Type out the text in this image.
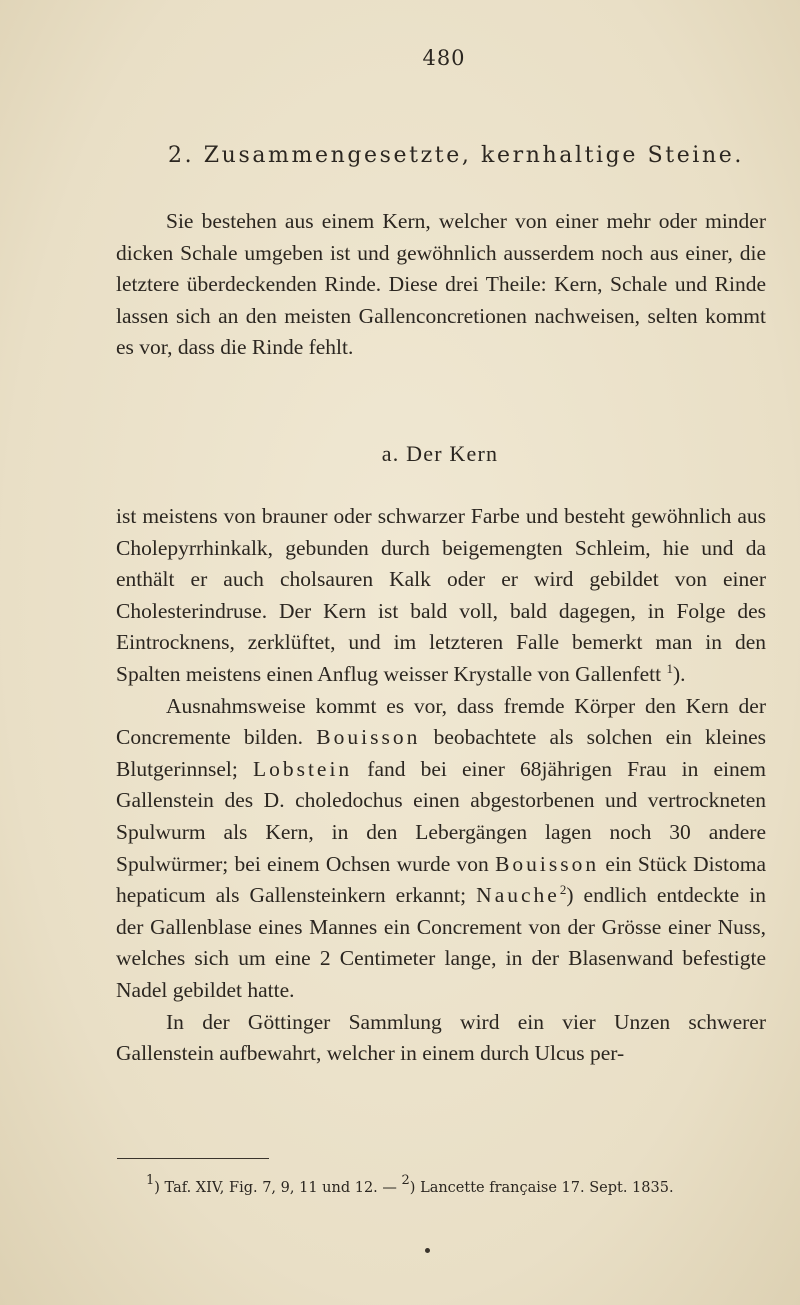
480
2. Zusammengesetzte, kernhaltige Steine.

Sie bestehen aus einem Kern, welcher von einer mehr oder minder dicken Schale umgeben ist und gewöhnlich ausserdem noch aus einer, die letztere überdeckenden Rinde. Diese drei Theile: Kern, Schale und Rinde lassen sich an den meisten Gallenconcretionen nachweisen, selten kommt es vor, dass die Rinde fehlt.

a. Der Kern

ist meistens von brauner oder schwarzer Farbe und besteht gewöhnlich aus Cholepyrrhinkalk, gebunden durch beigemengten Schleim, hie und da enthält er auch cholsauren Kalk oder er wird gebildet von einer Cholesterindruse. Der Kern ist bald voll, bald dagegen, in Folge des Eintrocknens, zerklüftet, und im letzteren Falle bemerkt man in den Spalten meistens einen Anflug weisser Krystalle von Gallenfett $^1$).

Ausnahmsweise kommt es vor, dass fremde Körper den Kern der Concremente bilden. Bouisson beobachtete als solchen ein kleines Blutgerinnsel; Lobstein fand bei einer 68jährigen Frau in einem Gallenstein des D. choledochus einen abgestorbenen und vertrockneten Spulwurm als Kern, in den Lebergängen lagen noch 30 andere Spulwürmer; bei einem Ochsen wurde von Bouisson ein Stück Distoma hepaticum als Gallensteinkern erkannt; Nauche$^2$) endlich entdeckte in der Gallenblase eines Mannes ein Concrement von der Grösse einer Nuss, welches sich um eine 2 Centimeter lange, in der Blasenwand befestigte Nadel gebildet hatte.

In der Göttinger Sammlung wird ein vier Unzen schwerer Gallenstein aufbewahrt, welcher in einem durch Ulcus per-

$^1$) Taf. XIV, Fig. 7, 9, 11 und 12. — $^2$) Lancette française 17. Sept. 1835.
